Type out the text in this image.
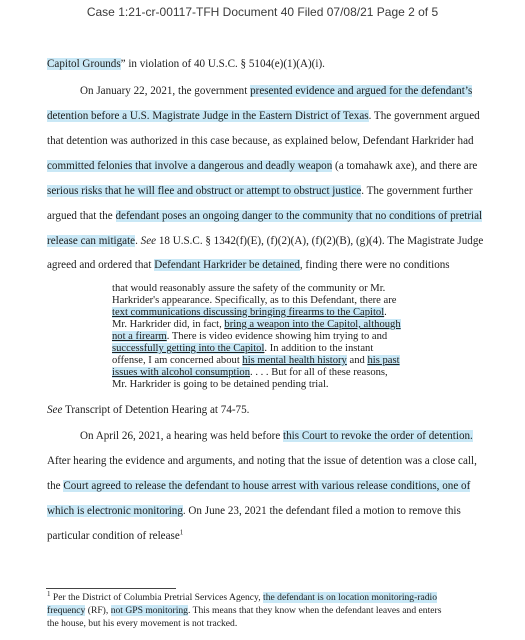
Case 1:21-cr-00117-TFH Document 40 Filed 07/08/21 Page 2 of 5
Capitol Grounds” in violation of 40 U.S.C. § 5104(e)(1)(A)(i).
On January 22, 2021, the government presented evidence and argued for the defendant’s
detention before a U.S. Magistrate Judge in the Eastern District of Texas. The government argued
that detention was authorized in this case because, as explained below, Defendant Harkrider had
committed felonies that involve a dangerous and deadly weapon (a tomahawk axe), and there are
serious risks that he will flee and obstruct or attempt to obstruct justice. The government further
argued that the defendant poses an ongoing danger to the community that no conditions of pretrial
release can mitigate. See 18 U.S.C. § 1342(f)(E), (f)(2)(A), (f)(2)(B), (g)(4). The Magistrate Judge
agreed and ordered that Defendant Harkrider be detained, finding there were no conditions
that would reasonably assure the safety of the community or Mr.
Harkrider's appearance. Specifically, as to this Defendant, there are
text communications discussing bringing firearms to the Capitol.
Mr. Harkrider did, in fact, bring a weapon into the Capitol, although
not a firearm. There is video evidence showing him trying to and
successfully getting into the Capitol. In addition to the instant
offense, I am concerned about his mental health history and his past
issues with alcohol consumption. . . . But for all of these reasons,
Mr. Harkrider is going to be detained pending trial.
See Transcript of Detention Hearing at 74-75.
On April 26, 2021, a hearing was held before this Court to revoke the order of detention.
After hearing the evidence and arguments, and noting that the issue of detention was a close call,
the Court agreed to release the defendant to house arrest with various release conditions, one of
which is electronic monitoring. On June 23, 2021 the defendant filed a motion to remove this
particular condition of release$^1$
$^1$ Per the District of Columbia Pretrial Services Agency, the defendant is on location monitoring-radio
frequency (RF), not GPS monitoring. This means that they know when the defendant leaves and enters
the house, but his every movement is not tracked.
